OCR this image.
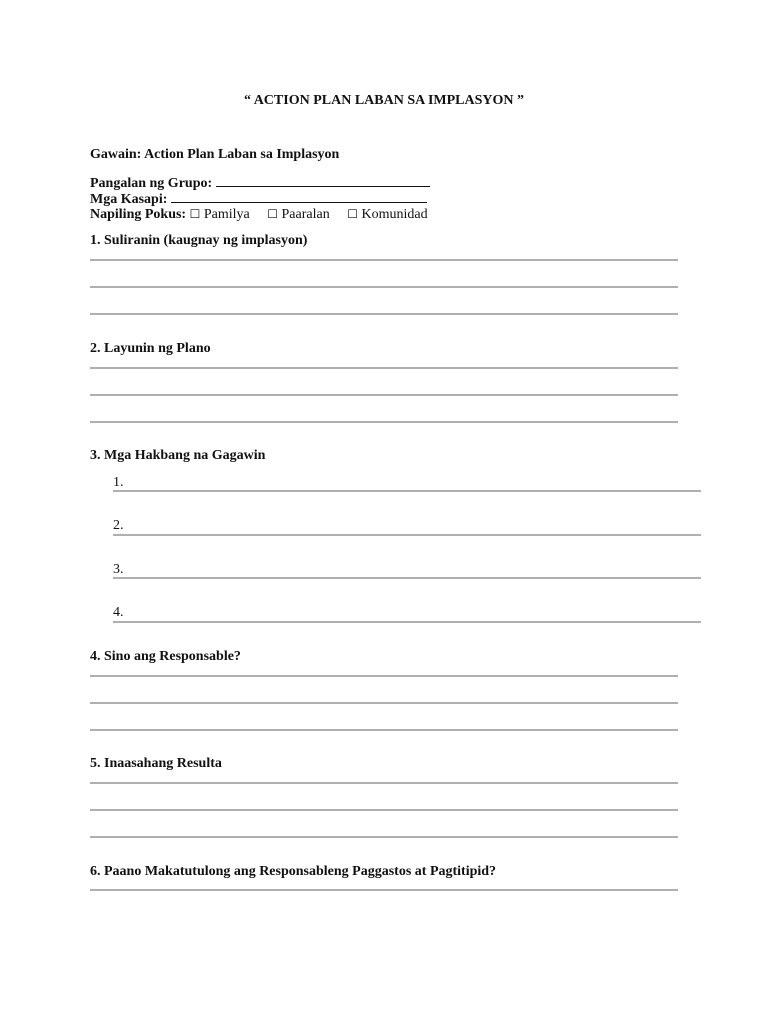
“ ACTION PLAN LABAN SA IMPLASYON ”
Gawain: Action Plan Laban sa Implasyon
Pangalan ng Grupo:
Mga Kasapi:
Napiling Pokus: ☐ Pamilya ☐ Paaralan ☐ Komunidad
1. Suliranin (kaugnay ng implasyon)
2. Layunin ng Plano
3. Mga Hakbang na Gagawin
1.
2.
3.
4.
4. Sino ang Responsable?
5. Inaasahang Resulta
6. Paano Makatutulong ang Responsableng Paggastos at Pagtitipid?
